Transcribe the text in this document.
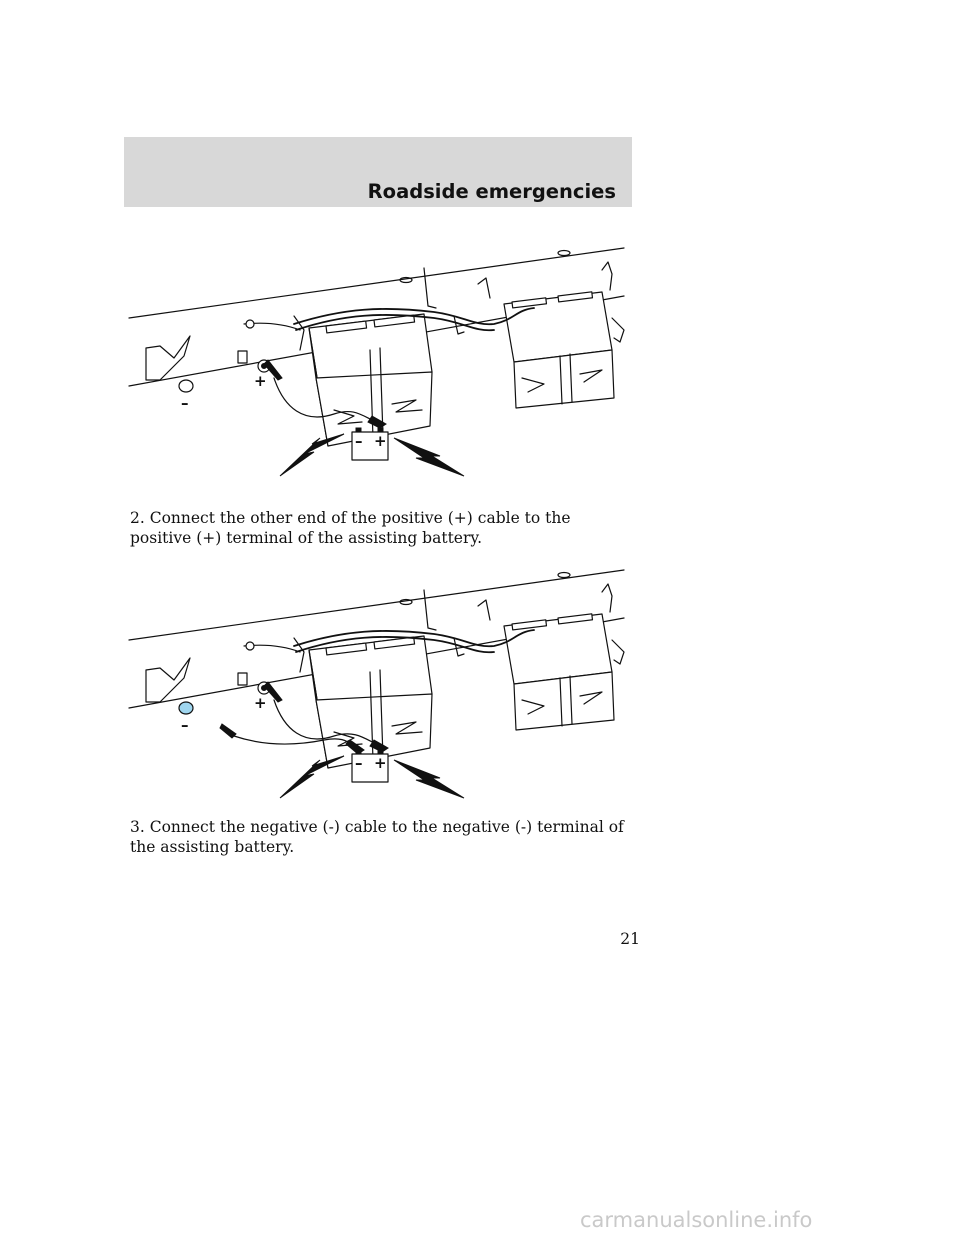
Roadside emergencies
–
+
– +
2. Connect the other end of the positive (+) cable to the positive (+) terminal of the assisting battery.
–
+
– +
3. Connect the negative (-) cable to the negative (-) terminal of the assisting battery.
21
carmanualsonline.info
